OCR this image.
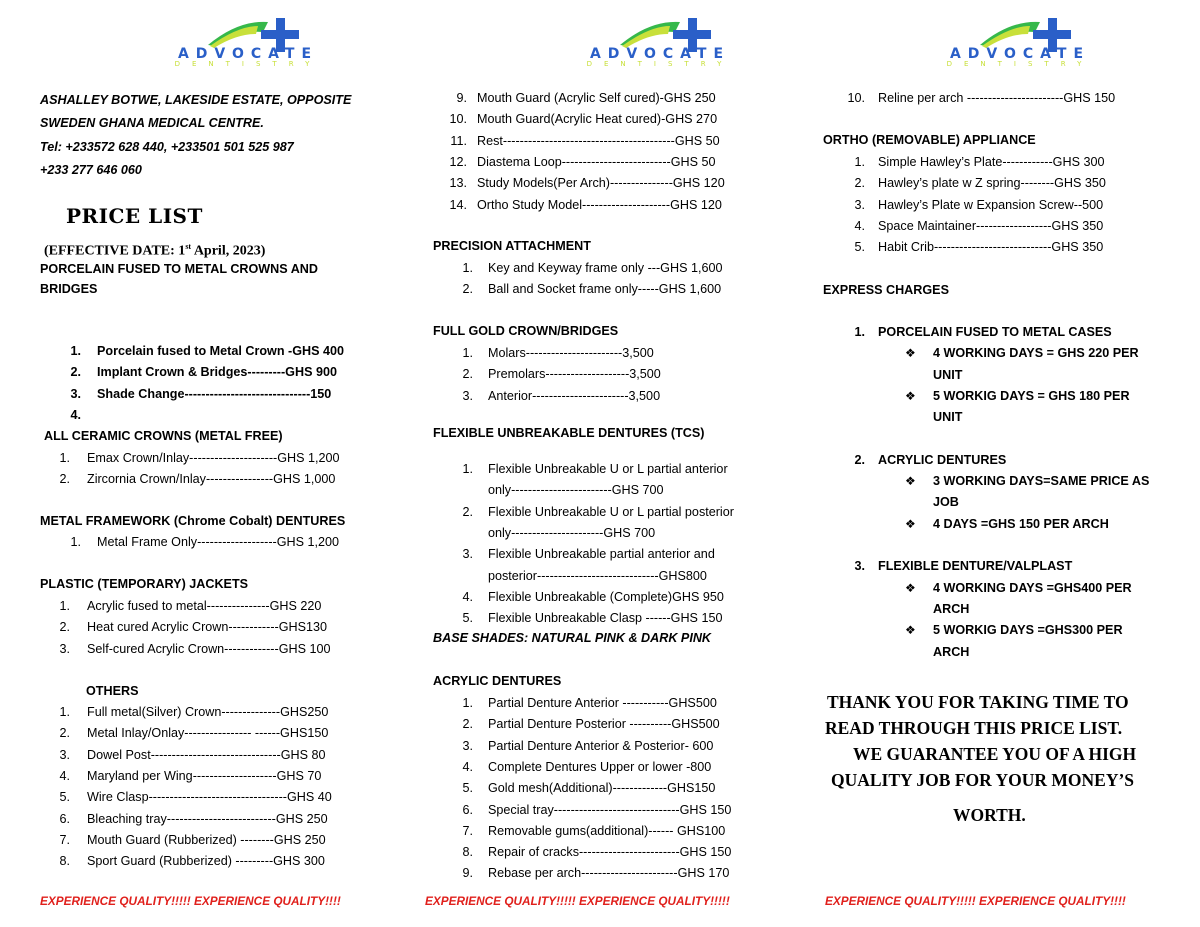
ADVOCATE
DENTISTRY
ADVOCATE
DENTISTRY
ADVOCATE
DENTISTRY
ASHALLEY BOTWE, LAKESIDE ESTATE, OPPOSITE
SWEDEN GHANA MEDICAL CENTRE.
Tel: +233572 628 440, +233501 501 525 987
+233 277 646 060
PRICE LIST
(EFFECTIVE DATE: 1st April, 2023)
PORCELAIN FUSED TO METAL CROWNS AND
BRIDGES
1. Porcelain fused to Metal Crown -GHS 400
2. Implant Crown & Bridges---------GHS 900
3. Shade Change------------------------------150
4.
ALL CERAMIC CROWNS (METAL FREE)
1. Emax Crown/Inlay---------------------GHS 1,200
2. Zircornia Crown/Inlay----------------GHS 1,000
METAL FRAMEWORK (Chrome Cobalt) DENTURES
1. Metal Frame Only-------------------GHS 1,200
PLASTIC (TEMPORARY) JACKETS
1. Acrylic fused to metal---------------GHS 220
2. Heat cured Acrylic Crown------------GHS130
3. Self-cured Acrylic Crown-------------GHS 100
OTHERS
1. Full metal(Silver) Crown--------------GHS250
2. Metal Inlay/Onlay---------------- ------GHS150
3. Dowel Post-------------------------------GHS 80
4. Maryland per Wing--------------------GHS 70
5. Wire Clasp---------------------------------GHS 40
6. Bleaching tray--------------------------GHS 250
7. Mouth Guard (Rubberized) --------GHS 250
8. Sport Guard (Rubberized) ---------GHS 300
EXPERIENCE QUALITY!!!!! EXPERIENCE QUALITY!!!!
9. Mouth Guard (Acrylic Self cured)-GHS 250
10. Mouth Guard(Acrylic Heat cured)-GHS 270
11. Rest-----------------------------------------GHS 50
12. Diastema Loop--------------------------GHS 50
13. Study Models(Per Arch)---------------GHS 120
14. Ortho Study Model---------------------GHS 120
PRECISION ATTACHMENT
1. Key and Keyway frame only ---GHS 1,600
2. Ball and Socket frame only-----GHS 1,600
FULL GOLD CROWN/BRIDGES
1. Molars-----------------------3,500
2. Premolars--------------------3,500
3. Anterior-----------------------3,500
FLEXIBLE UNBREAKABLE DENTURES (TCS)
1. Flexible Unbreakable U or L partial anterior
only------------------------GHS 700
2. Flexible Unbreakable U or L partial posterior
only----------------------GHS 700
3. Flexible Unbreakable partial anterior and
posterior-----------------------------GHS800
4. Flexible Unbreakable (Complete)GHS 950
5. Flexible Unbreakable Clasp ------GHS 150
BASE SHADES: NATURAL PINK & DARK PINK
ACRYLIC DENTURES
1. Partial Denture Anterior -----------GHS500
2. Partial Denture Posterior ----------GHS500
3. Partial Denture Anterior & Posterior- 600
4. Complete Dentures Upper or lower -800
5. Gold mesh(Additional)-------------GHS150
6. Special tray------------------------------GHS 150
7. Removable gums(additional)------ GHS100
8. Repair of cracks------------------------GHS 150
9. Rebase per arch-----------------------GHS 170
EXPERIENCE QUALITY!!!!! EXPERIENCE QUALITY!!!!!
10. Reline per arch -----------------------GHS 150
ORTHO (REMOVABLE) APPLIANCE
1. Simple Hawley’s Plate------------GHS 300
2. Hawley’s plate w Z spring--------GHS 350
3. Hawley’s Plate w Expansion Screw--500
4. Space Maintainer------------------GHS 350
5. Habit Crib----------------------------GHS 350
EXPRESS CHARGES
1. PORCELAIN FUSED TO METAL CASES
❖ 4 WORKING DAYS = GHS 220 PER
UNIT
❖ 5 WORKIG DAYS = GHS 180 PER
UNIT
2. ACRYLIC DENTURES
❖ 3 WORKING DAYS=SAME PRICE AS
JOB
❖ 4 DAYS =GHS 150 PER ARCH
3. FLEXIBLE DENTURE/VALPLAST
❖ 4 WORKING DAYS =GHS400 PER
ARCH
❖ 5 WORKIG DAYS =GHS300 PER
ARCH
THANK YOU FOR TAKING TIME TO
READ THROUGH THIS PRICE LIST.
WE GUARANTEE YOU OF A HIGH
QUALITY JOB FOR YOUR MONEY’S
WORTH.
EXPERIENCE QUALITY!!!!! EXPERIENCE QUALITY!!!!
